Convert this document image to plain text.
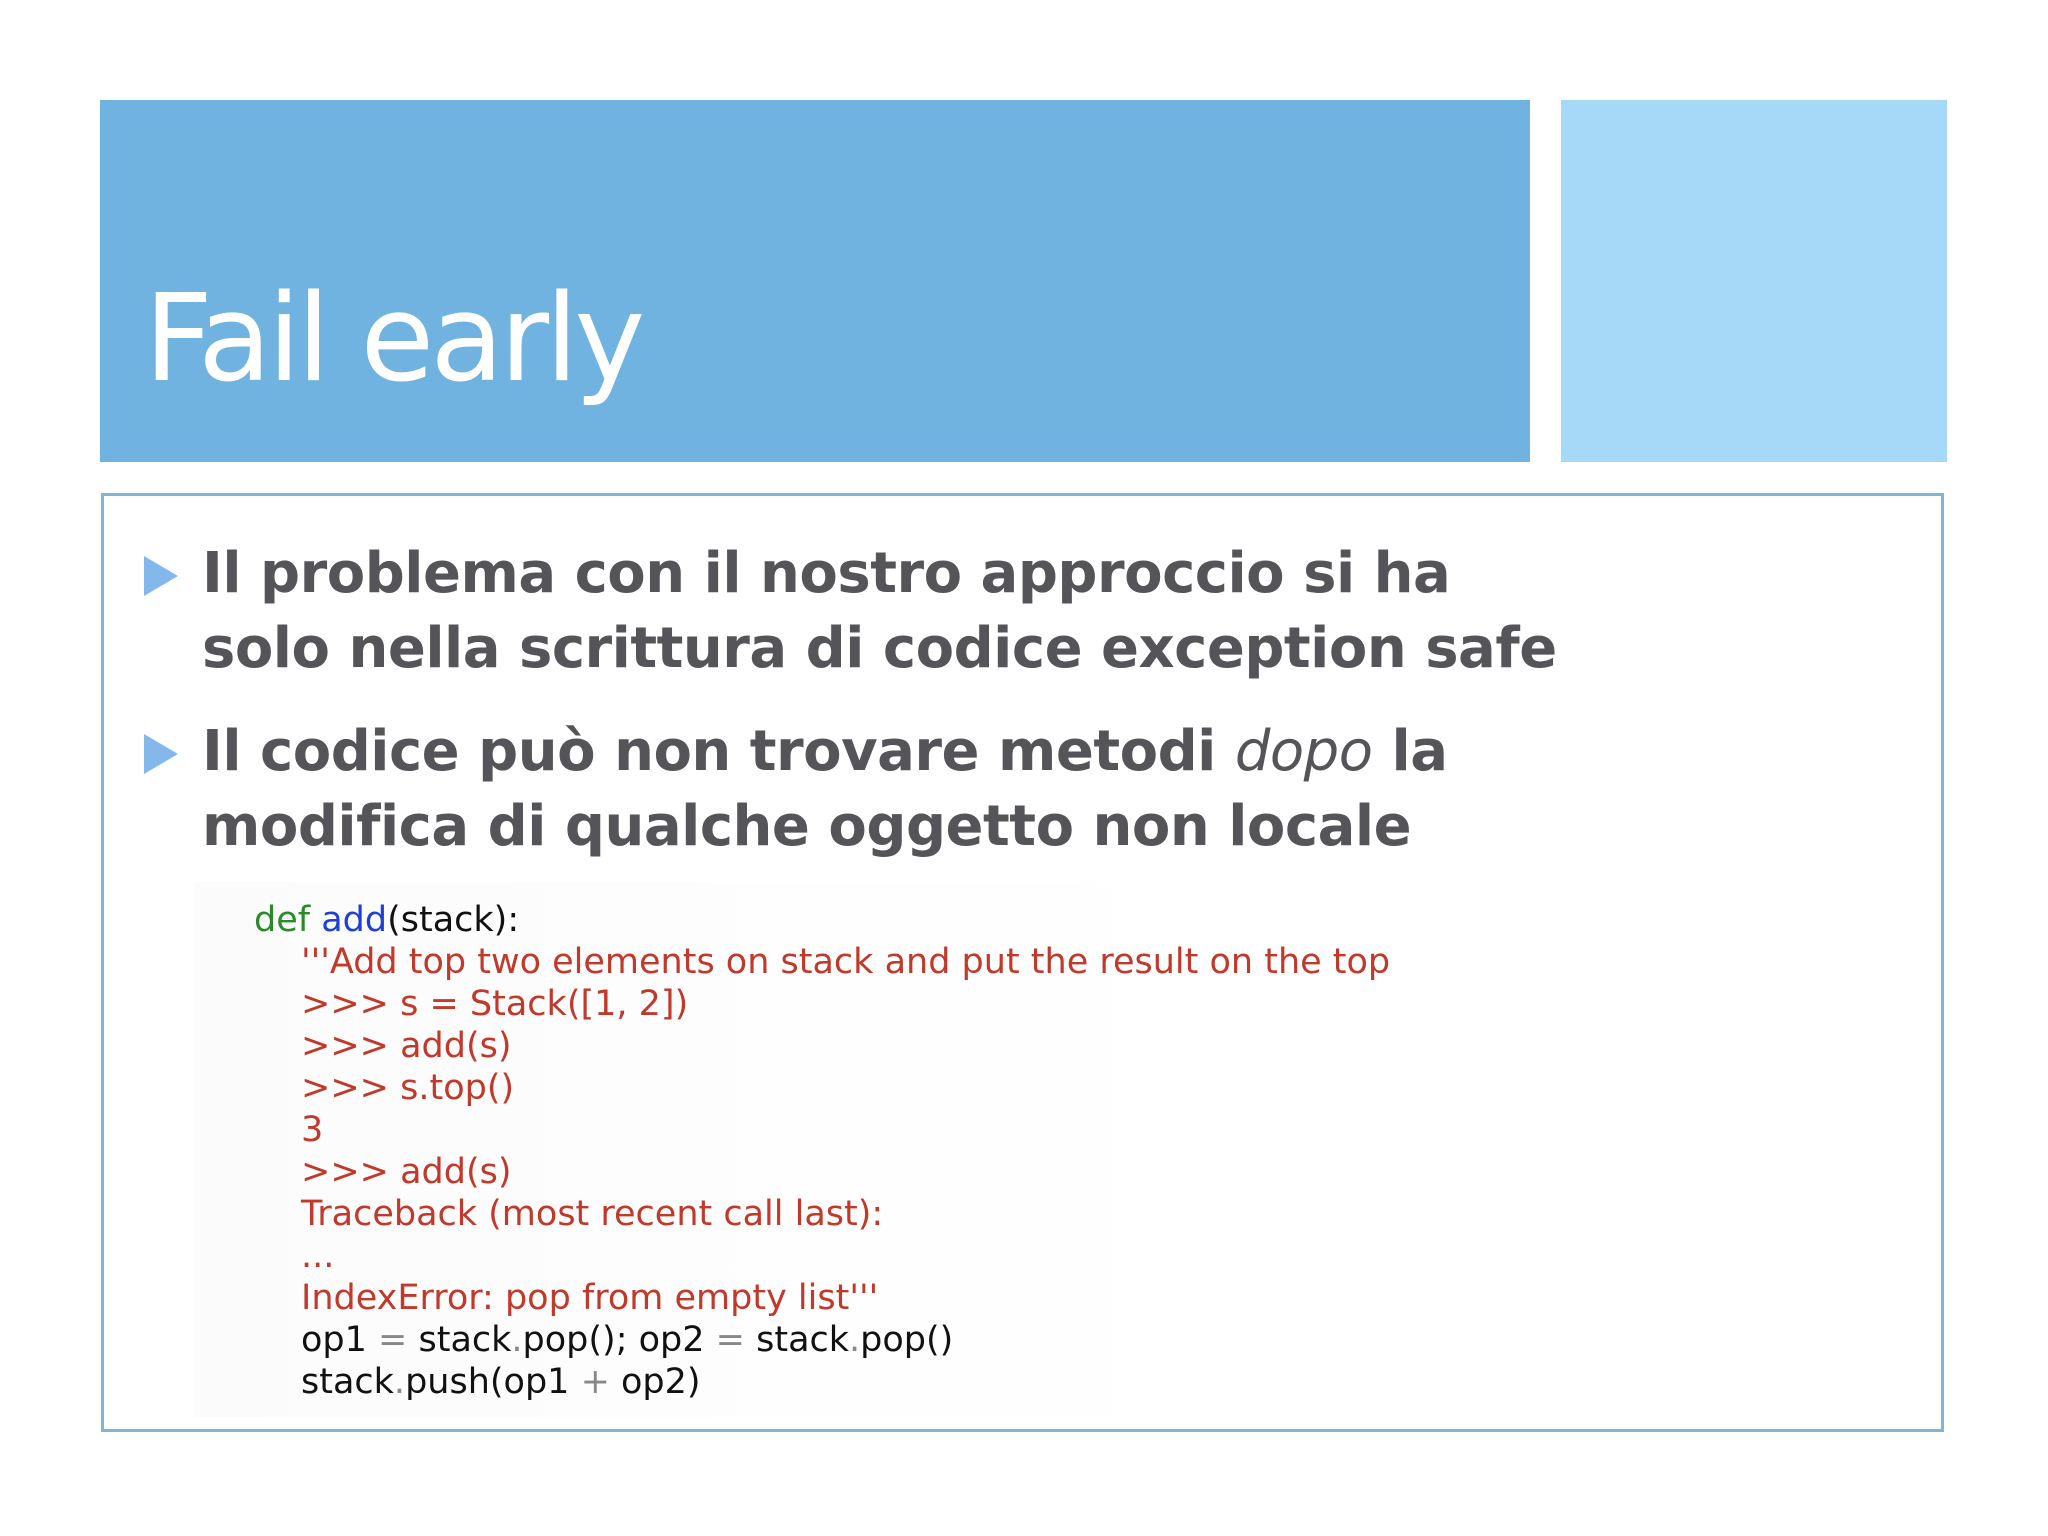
Fail early

Il problema con il nostro approccio si ha
solo nella scrittura di codice exception safe

Il codice può non trovare metodi dopo la
modifica di qualche oggetto non locale

def add(stack):
'''Add top two elements on stack and put the result on the top
>>> s = Stack([1, 2])
>>> add(s)
>>> s.top()
3
>>> add(s)
Traceback (most recent call last):
...
IndexError: pop from empty list'''
op1 = stack.pop(); op2 = stack.pop()
stack.push(op1 + op2)
